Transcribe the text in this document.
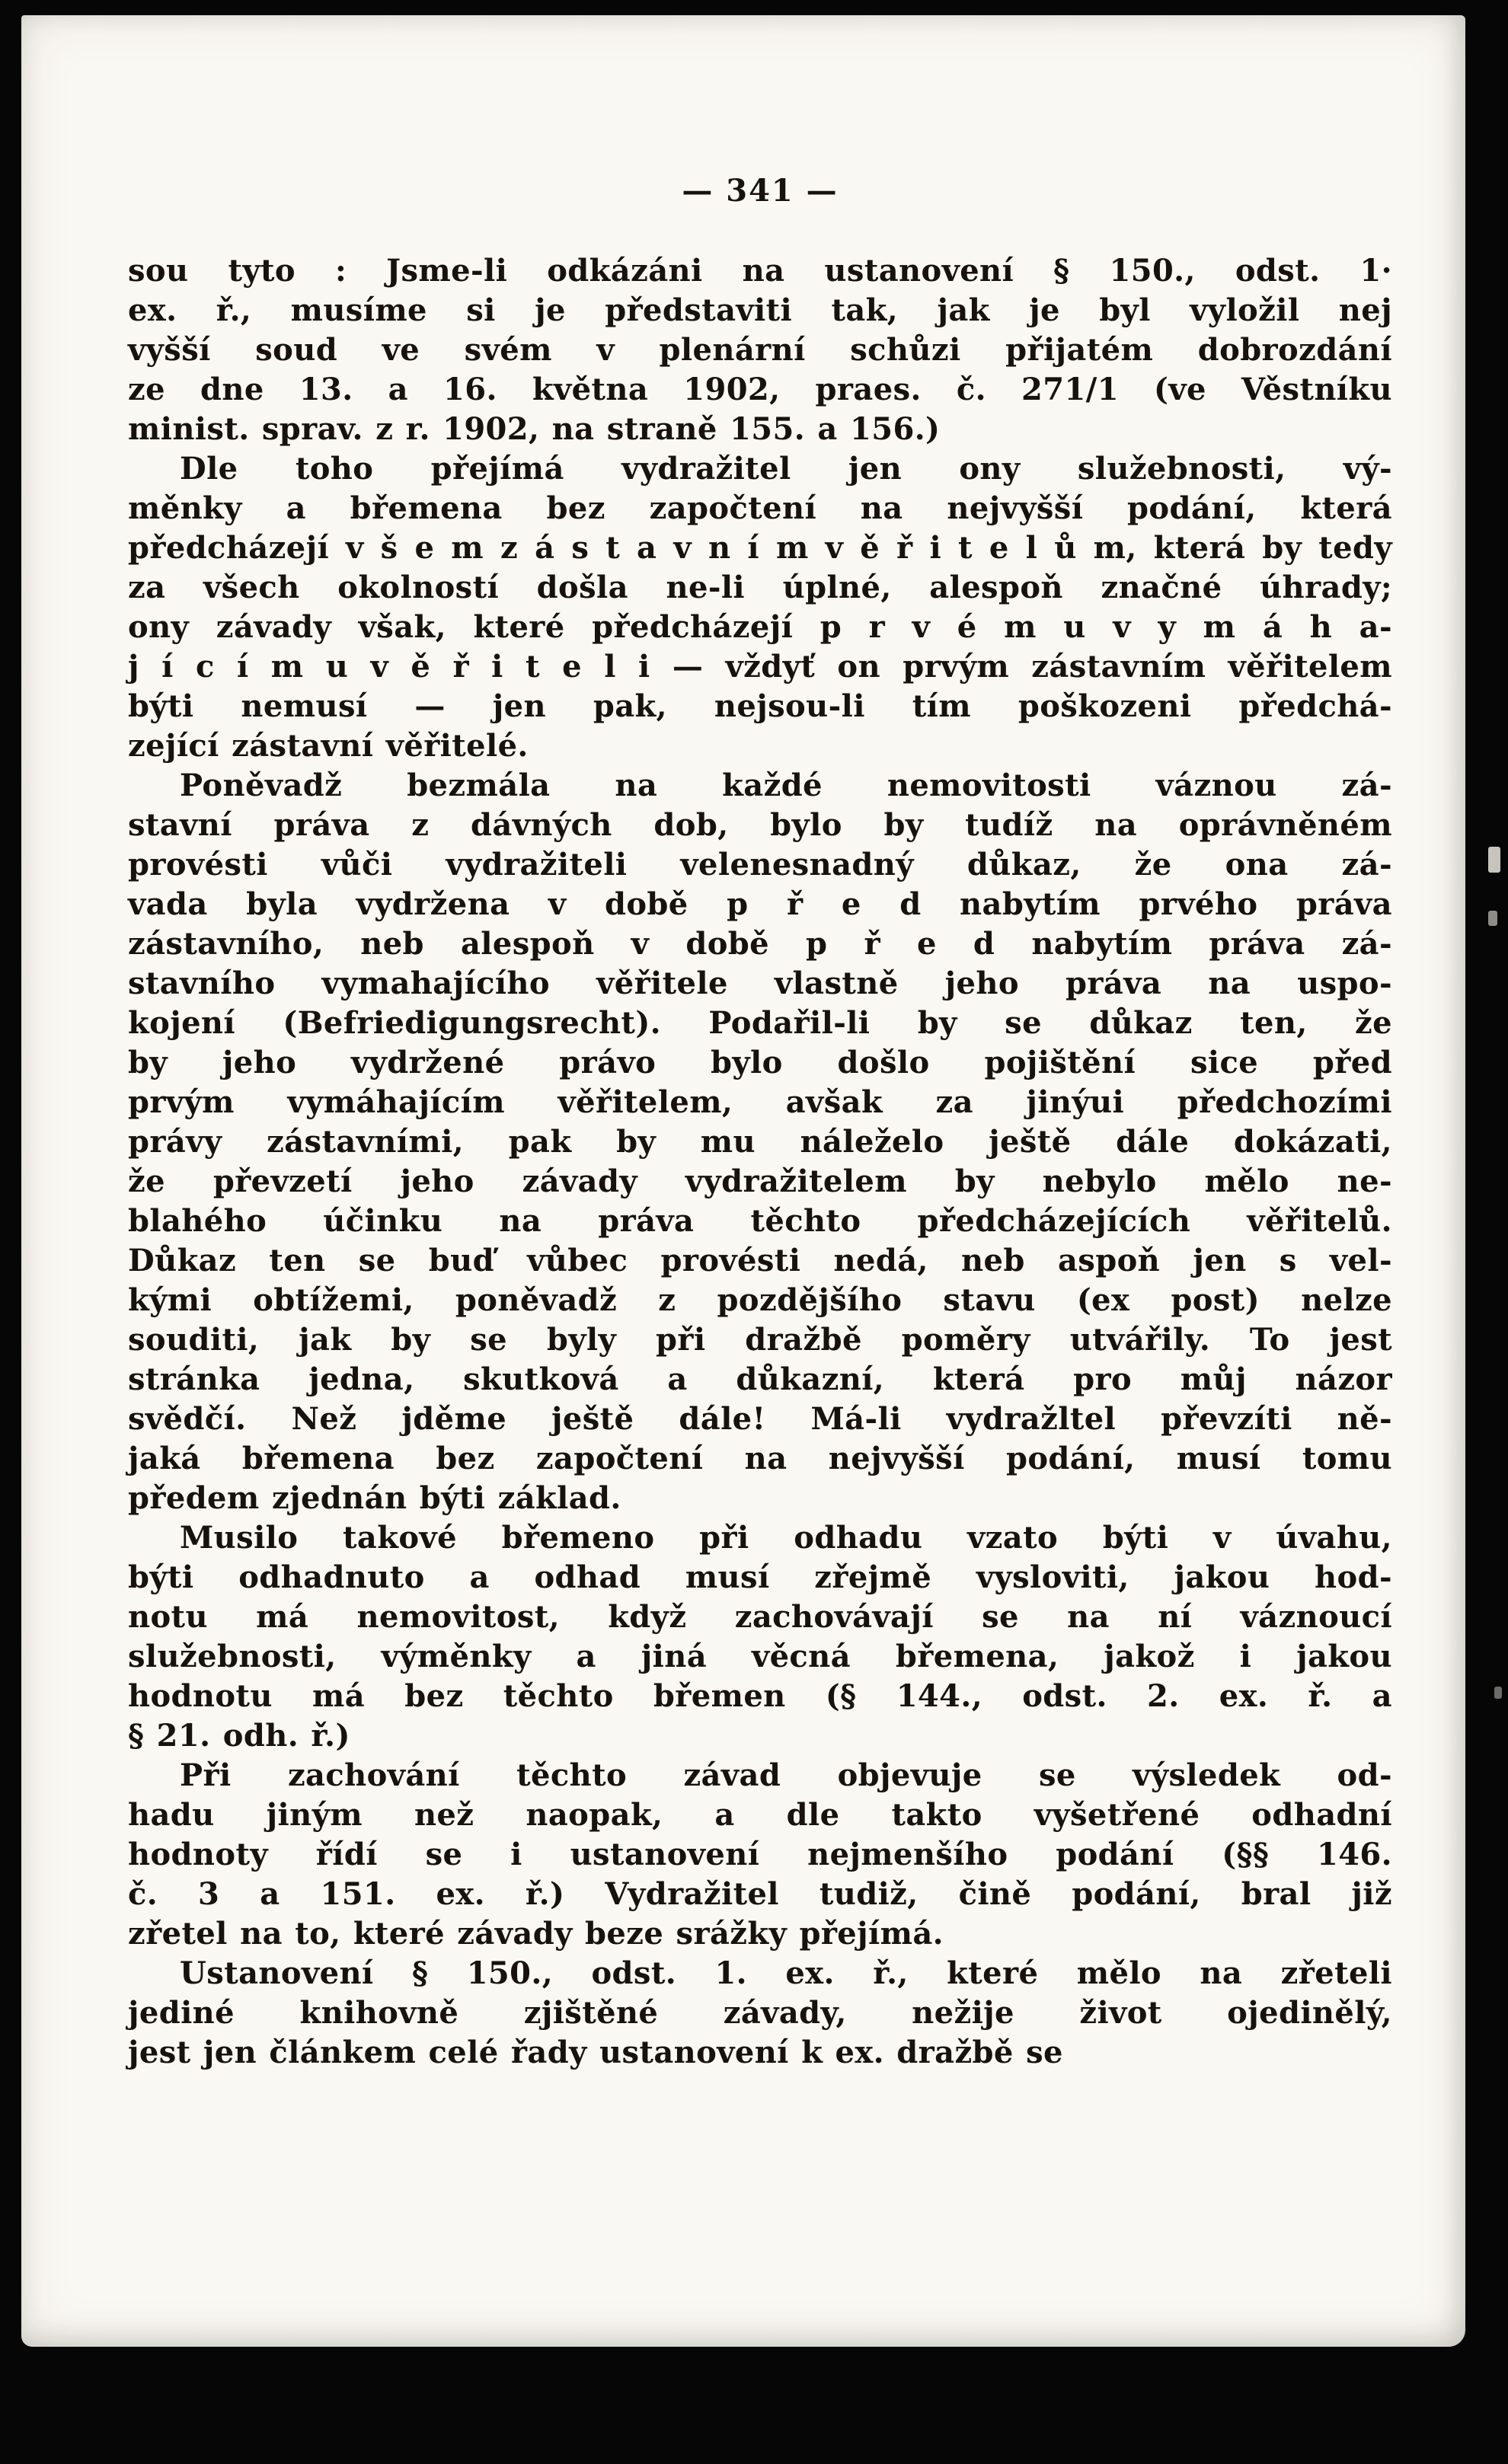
— 341 —
sou tyto : Jsme-li odkázáni na ustanovení § 150., odst. 1·
ex. ř., musíme si je představiti tak, jak je byl vyložil nej
vyšší soud ve svém v plenární schůzi přijatém dobrozdání
ze dne 13. a 16. května 1902, praes. č. 271/1 (ve Věstníku
minist. sprav. z r. 1902, na straně 155. a 156.)
Dle toho přejímá vydražitel jen ony služebnosti, vý-
měnky a břemena bez započtení na nejvyšší podání, která
předcházejí v š e m z á s t a v n í m v ě ř i t e l ů m, která by tedy
za všech okolností došla ne-li úplné, alespoň značné úhrady;
ony závady však, které předcházejí p r v é m u v y m á h a-
j í c í m u v ě ř i t e l i — vždyť on prvým zástavním věřitelem
býti nemusí — jen pak, nejsou-li tím poškozeni předchá-
zející zástavní věřitelé.
Poněvadž bezmála na každé nemovitosti váznou zá-
stavní práva z dávných dob, bylo by tudíž na oprávněném
provésti vůči vydražiteli velenesnadný důkaz, že ona zá-
vada byla vydržena v době p ř e d nabytím prvého práva
zástavního, neb alespoň v době p ř e d nabytím práva zá-
stavního vymahajícího věřitele vlastně jeho práva na uspo-
kojení (Befriedigungsrecht). Podařil-li by se důkaz ten, že
by jeho vydržené právo bylo došlo pojištění sice před
prvým vymáhajícím věřitelem, avšak za jinýui předchozími
právy zástavními, pak by mu náleželo ještě dále dokázati,
že převzetí jeho závady vydražitelem by nebylo mělo ne-
blahého účinku na práva těchto předcházejících věřitelů.
Důkaz ten se buď vůbec provésti nedá, neb aspoň jen s vel-
kými obtížemi, poněvadž z pozdějšího stavu (ex post) nelze
souditi, jak by se byly při dražbě poměry utvářily. To jest
stránka jedna, skutková a důkazní, která pro můj názor
svědčí. Než jděme ještě dále! Má-li vydražltel převzíti ně-
jaká břemena bez započtení na nejvyšší podání, musí tomu
předem zjednán býti základ.
Musilo takové břemeno při odhadu vzato býti v úvahu,
býti odhadnuto a odhad musí zřejmě vysloviti, jakou hod-
notu má nemovitost, když zachovávají se na ní váznoucí
služebnosti, výměnky a jiná věcná břemena, jakož i jakou
hodnotu má bez těchto břemen (§ 144., odst. 2. ex. ř. a
§ 21. odh. ř.)
Při zachování těchto závad objevuje se výsledek od-
hadu jiným než naopak, a dle takto vyšetřené odhadní
hodnoty řídí se i ustanovení nejmenšího podání (§§ 146.
č. 3 a 151. ex. ř.) Vydražitel tudiž, čině podání, bral již
zřetel na to, které závady beze srážky přejímá.
Ustanovení § 150., odst. 1. ex. ř., které mělo na zřeteli
jediné knihovně zjištěné závady, nežije život ojedinělý,
jest jen článkem celé řady ustanovení k ex. dražbě se
